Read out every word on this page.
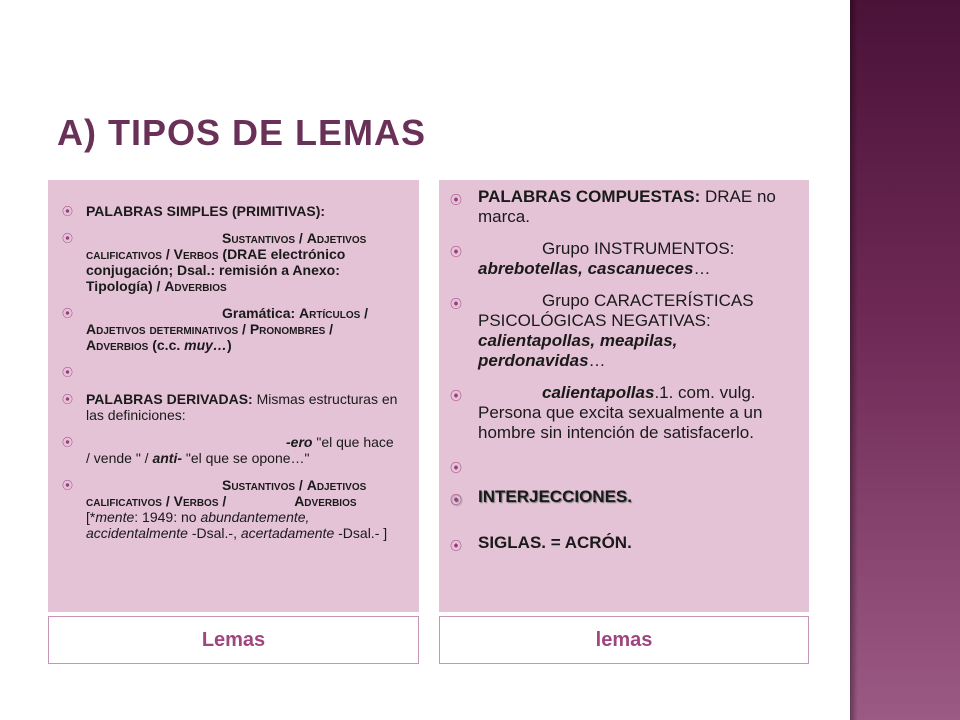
A) TIPOS DE LEMAS
⦿ PALABRAS SIMPLES (PRIMITIVAS):
⦿	Sustantivos / Adjetivos calificativos / Verbos (DRAE electrónico conjugación; Dsal.: remisión a Anexo: Tipología) / Adverbios
⦿	Gramática: Artículos / Adjetivos determinativos / Pronombres / Adverbios (c.c. muy…)
⦿

⦿ PALABRAS DERIVADAS: Mismas estructuras en las definiciones:
⦿	-ero "el que hace / vende " / anti- "el que se opone…"
⦿	Sustantivos / Adjetivos calificativos / Verbos /	Adverbios [*mente: 1949: no abundantemente, accidentalmente -Dsal.-, acertadamente -Dsal.- ]
⦿ PALABRAS COMPUESTAS: DRAE no marca.
⦿	Grupo INSTRUMENTOS: abrebotellas, cascanueces…
⦿	Grupo CARACTERÍSTICAS PSICOLÓGICAS NEGATIVAS: calientapollas, meapilas, perdonavidas…
⦿	calientapollas.1. com. vulg. Persona que excita sexualmente a un hombre sin intención de satisfacerlo.
⦿

⦿ INTERJECCIONES.
⦿ SIGLAS. = ACRÓN.
Lemas	lemas
